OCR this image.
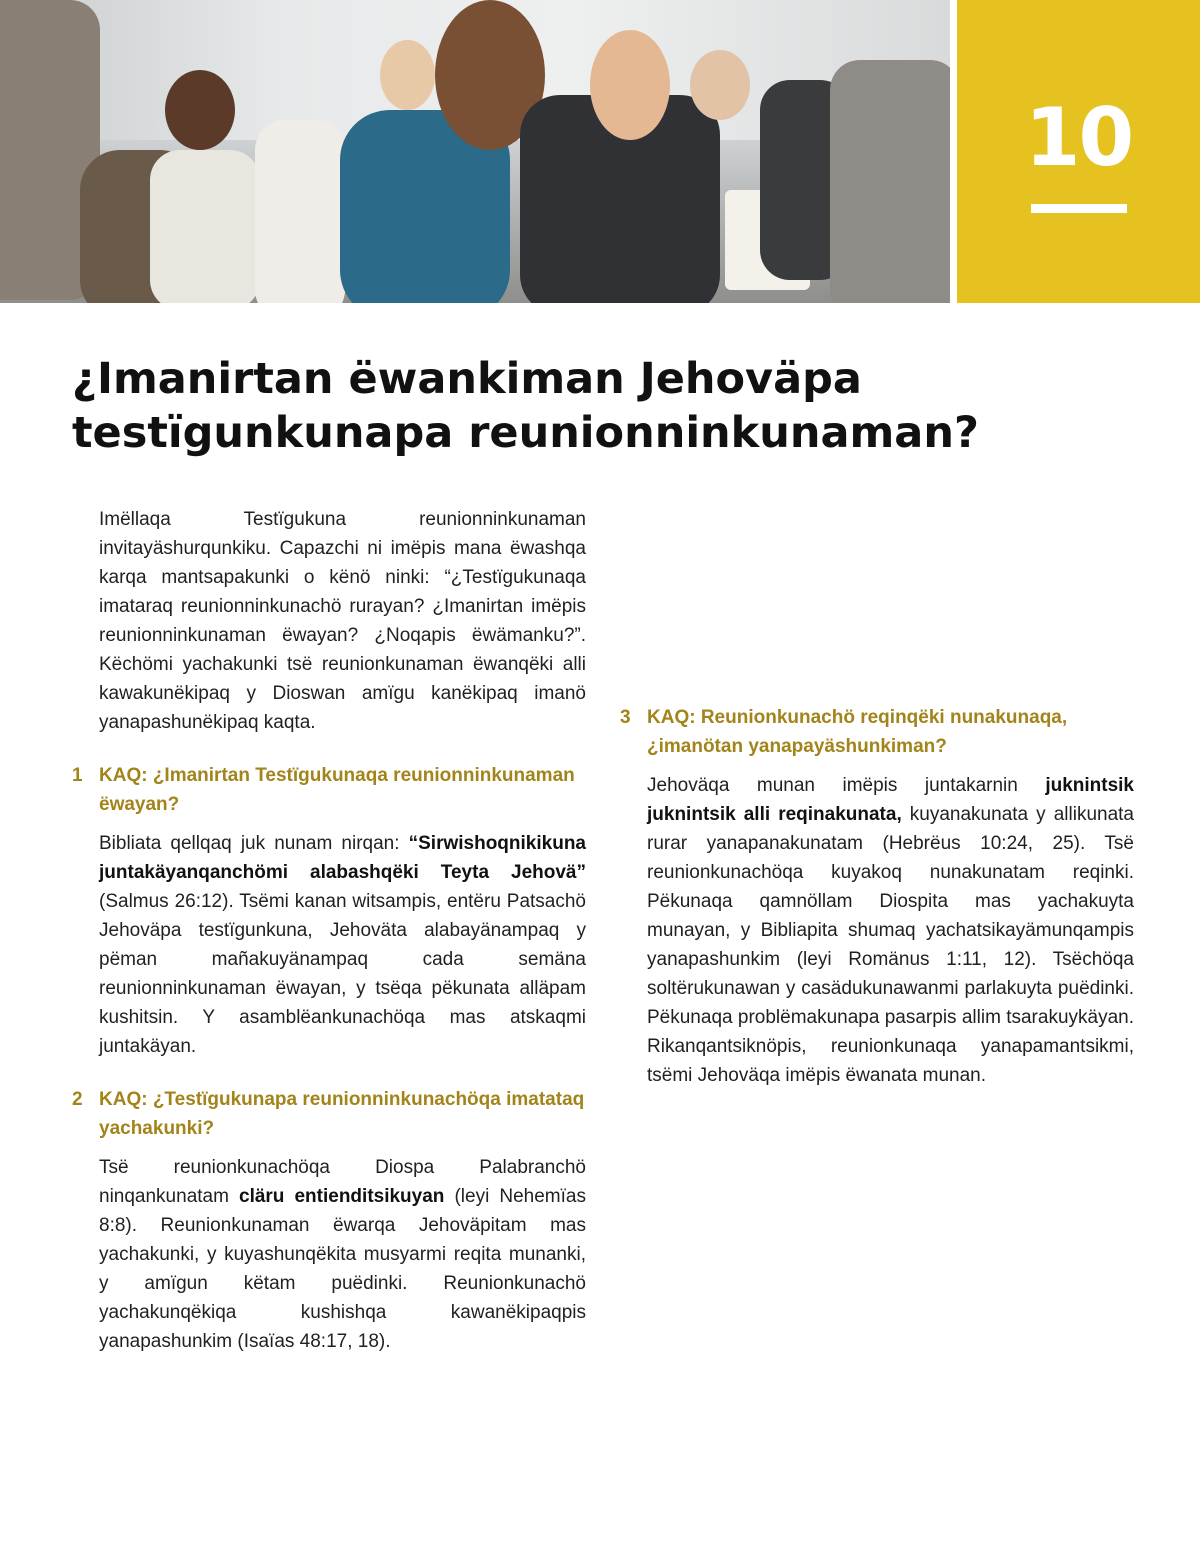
10
¿Imanirtan ëwankiman Jehoväpa testïgunkunapa reunionninkunaman?

Imëllaqa Testïgukuna reunionninkunaman invitayäshurqunkiku. Capazchi ni imëpis mana ëwashqa karqa mantsapakunki o kënö ninki: “¿Testïgukunaqa imataraq reunionninkunachö rurayan? ¿Imanirtan imëpis reunionninkunaman ëwayan? ¿Noqapis ëwämanku?”. Këchömi yachakunki tsë reunionkunaman ëwanqëki alli kawakunëkipaq y Dioswan amïgu kanëkipaq imanö yanapashunëkipaq kaqta.

1 KAQ: ¿Imanirtan Testïgukunaqa reunionninkunaman ëwayan?

Bibliata qellqaq juk nunam nirqan: “Sirwishoqnikikuna juntakäyanqanchömi alabashqëki Teyta Jehovä” (Salmus 26:12). Tsëmi kanan witsampis, entëru Patsachö Jehoväpa testïgunkuna, Jehoväta alabayänampaq y pëman mañakuyänampaq cada semäna reunionninkunaman ëwayan, y tsëqa pëkunata alläpam kushitsin. Y asamblëankunachöqa mas atskaqmi juntakäyan.

2 KAQ: ¿Testïgukunapa reunionninkunachöqa imatataq yachakunki?

Tsë reunionkunachöqa Diospa Palabranchö ninqankunatam cläru entienditsikuyan (leyi Nehemïas 8:8). Reunionkunaman ëwarqa Jehoväpitam mas yachakunki, y kuyashunqëkita musyarmi reqita munanki, y amïgun këtam puëdinki. Reunionkunachö yachakunqëkiqa kushishqa kawanëkipaqpis yanapashunkim (Isaïas 48:17, 18).

3 KAQ: Reunionkunachö reqinqëki nunakunaqa, ¿imanötan yanapayäshunkiman?

Jehoväqa munan imëpis juntakarnin juknintsik juknintsik alli reqinakunata, kuyanakunata y allikunata rurar yanapanakunatam (Hebrëus 10:24, 25). Tsë reunionkunachöqa kuyakoq nunakunatam reqinki. Pëkunaqa qamnöllam Diospita mas yachakuyta munayan, y Bibliapita shumaq yachatsikayämunqampis yanapashunkim (leyi Romänus 1:11, 12). Tsëchöqa soltërukunawan y casädukunawanmi parlakuyta puëdinki. Pëkunaqa problëmakunapa pasarpis allim tsarakuykäyan. Rikanqantsiknöpis, reunionkunaqa yanapamantsikmi, tsëmi Jehoväqa imëpis ëwanata munan.
